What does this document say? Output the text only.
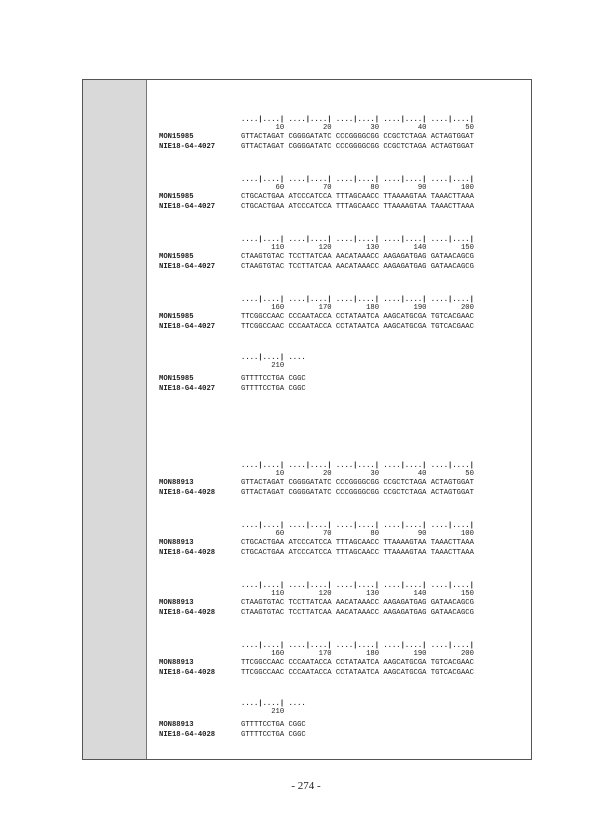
....|....| ....|....| ....|....| ....|....| ....|....|
10         20         30         40         50
MON15985	GTTACTAGAT CGGGGATATC CCCGGGGCGG CCGCTCTAGA ACTAGTGGAT
NIE18-G4-4027	GTTACTAGAT CGGGGATATC CCCGGGGCGG CCGCTCTAGA ACTAGTGGAT
....|....| ....|....| ....|....| ....|....| ....|....|
60         70         80         90        100
MON15985	CTGCACTGAA ATCCCATCCA TTTAGCAACC TTAAAAGTAA TAAACTTAAA
NIE18-G4-4027	CTGCACTGAA ATCCCATCCA TTTAGCAACC TTAAAAGTAA TAAACTTAAA
....|....| ....|....| ....|....| ....|....| ....|....|
110        120        130        140        150
MON15985	CTAAGTGTAC TCCTTATCAA AACATAAACC AAGAGATGAG GATAACAGCG
NIE18-G4-4027	CTAAGTGTAC TCCTTATCAA AACATAAACC AAGAGATGAG GATAACAGCG
....|....| ....|....| ....|....| ....|....| ....|....|
160        170        180        190        200
MON15985	TTCGGCCAAC CCCAATACCA CCTATAATCA AAGCATGCGA TGTCACGAAC
NIE18-G4-4027	TTCGGCCAAC CCCAATACCA CCTATAATCA AAGCATGCGA TGTCACGAAC
....|....| ....
210
MON15985	GTTTTCCTGA CGGC
NIE18-G4-4027	GTTTTCCTGA CGGC
....|....| ....|....| ....|....| ....|....| ....|....|
10         20         30         40         50
MON88913	GTTACTAGAT CGGGGATATC CCCGGGGCGG CCGCTCTAGA ACTAGTGGAT
NIE18-G4-4028	GTTACTAGAT CGGGGATATC CCCGGGGCGG CCGCTCTAGA ACTAGTGGAT
....|....| ....|....| ....|....| ....|....| ....|....|
60         70         80         90        100
MON88913	CTGCACTGAA ATCCCATCCA TTTAGCAACC TTAAAAGTAA TAAACTTAAA
NIE18-G4-4028	CTGCACTGAA ATCCCATCCA TTTAGCAACC TTAAAAGTAA TAAACTTAAA
....|....| ....|....| ....|....| ....|....| ....|....|
110        120        130        140        150
MON88913	CTAAGTGTAC TCCTTATCAA AACATAAACC AAGAGATGAG GATAACAGCG
NIE18-G4-4028	CTAAGTGTAC TCCTTATCAA AACATAAACC AAGAGATGAG GATAACAGCG
....|....| ....|....| ....|....| ....|....| ....|....|
160        170        180        190        200
MON88913	TTCGGCCAAC CCCAATACCA CCTATAATCA AAGCATGCGA TGTCACGAAC
NIE18-G4-4028	TTCGGCCAAC CCCAATACCA CCTATAATCA AAGCATGCGA TGTCACGAAC
....|....| ....
210
MON88913	GTTTTCCTGA CGGC
NIE18-G4-4028	GTTTTCCTGA CGGC
- 274 -
